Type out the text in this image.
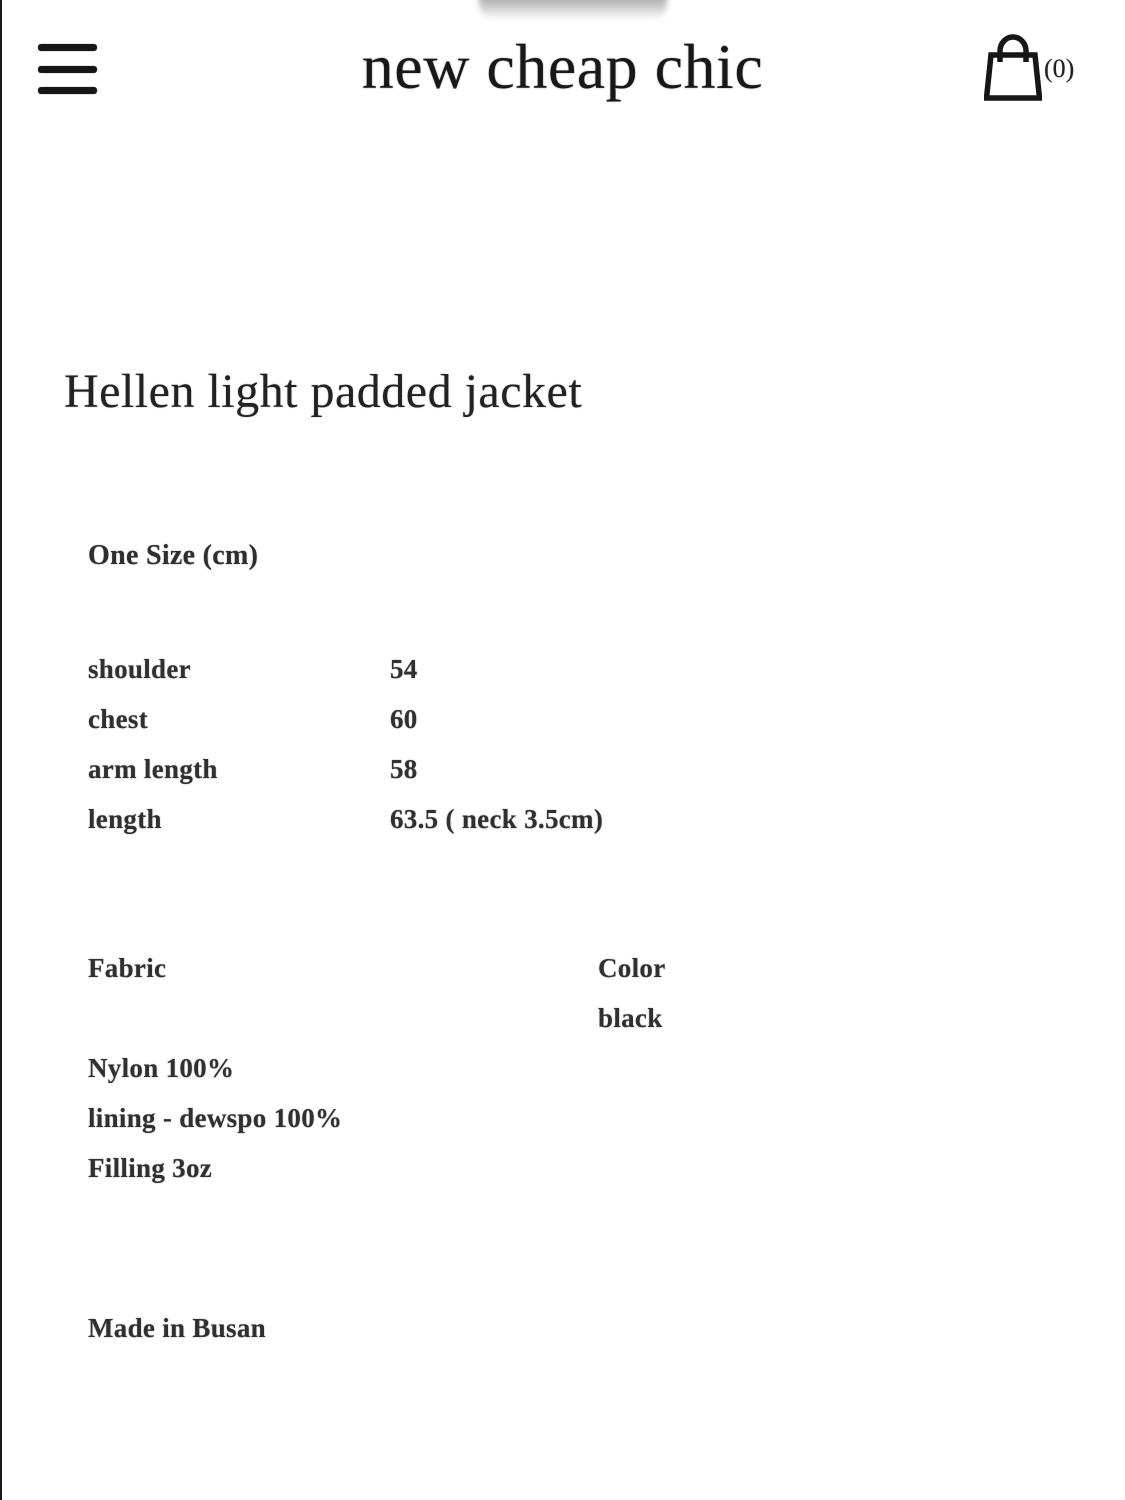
new cheap chic	(0)
Hellen light padded jacket
One Size (cm)
shoulder	54
chest	60
arm length	58
length	63.5 ( neck 3.5cm)
Fabric	Color
black
Nylon 100%
lining - dewspo 100%
Filling 3oz
Made in Busan
